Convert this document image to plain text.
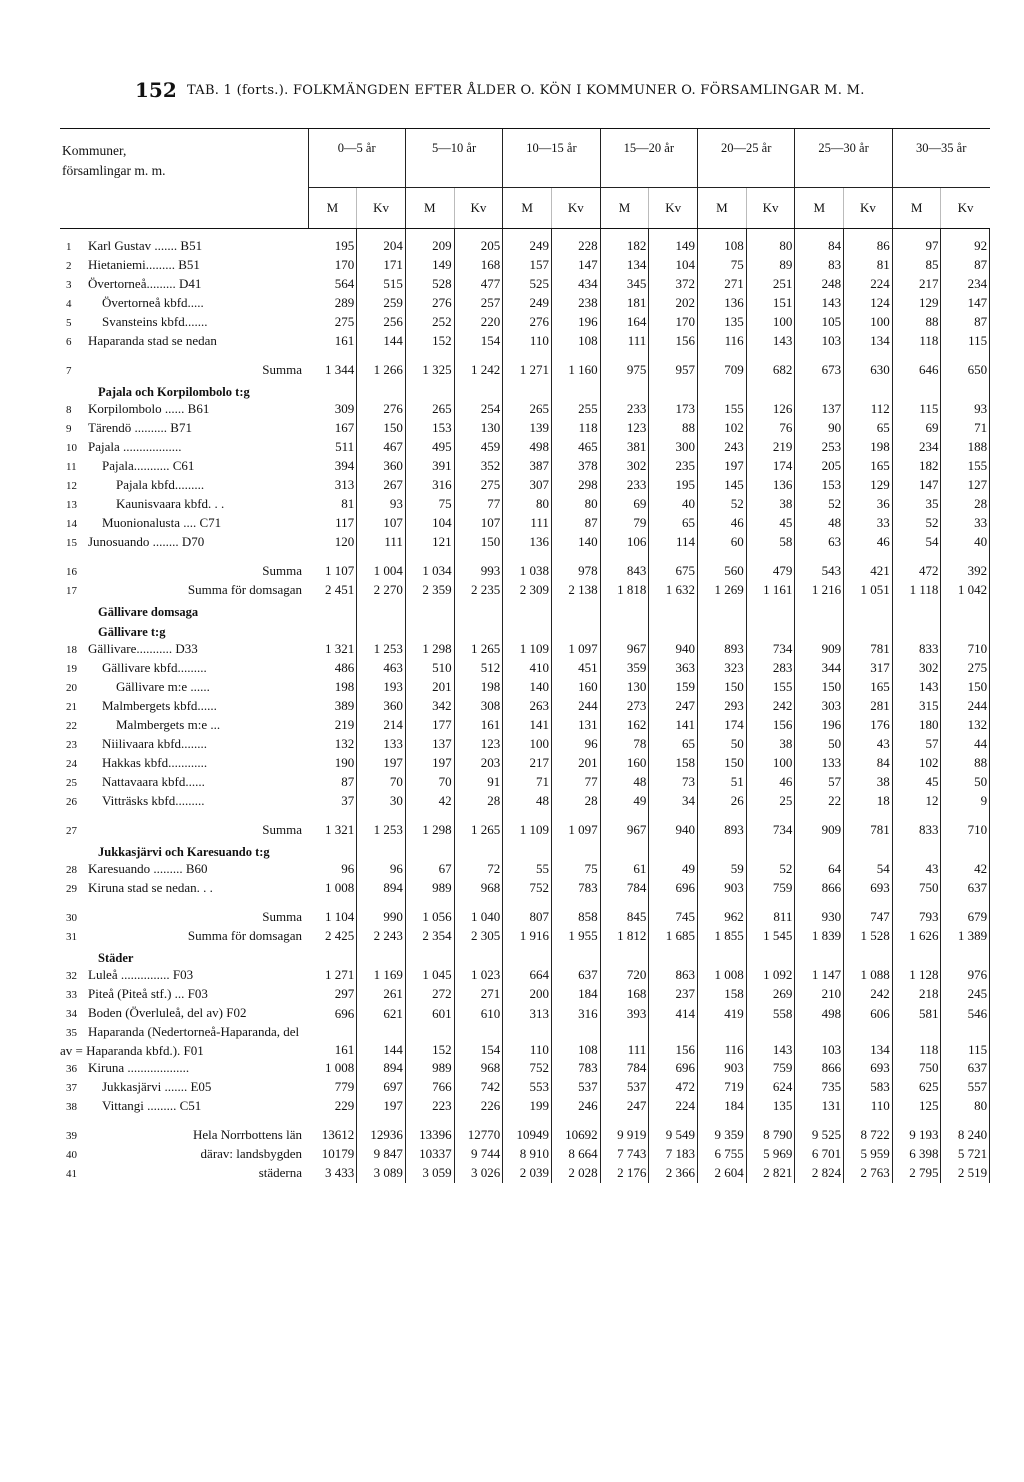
152 TAB. 1 (forts.). FOLKMÄNGDEN EFTER ÅLDER O. KÖN I KOMMUNER O. FÖRSAMLINGAR M. M.
Kommuner,
församlingar m. m.	0—5 år		5—10 år		10—15 år		15—20 år		20—25 år		25—30 år		30—35 år	
	M	Kv	M	Kv	M	Kv	M	Kv	M	Kv	M	Kv	M	Kv
1 Karl Gustav ....... B51	195	204	209	205	249	228	182	149	108	80	84	86	97	92
2 Hietaniemi......... B51	170	171	149	168	157	147	134	104	75	89	83	81	85	87
3 Övertorneå......... D41	564	515	528	477	525	434	345	372	271	251	248	224	217	234
4 Övertorneå kbfd.....	289	259	276	257	249	238	181	202	136	151	143	124	129	147
5 Svansteins kbfd.......	275	256	252	220	276	196	164	170	135	100	105	100	88	87
6 Haparanda stad se nedan	161	144	152	154	110	108	111	156	116	143	103	134	118	115

7 Summa	1 344	1 266	1 325	1 242	1 271	1 160	975	957	709	682	673	630	646	650
Pajala och Korpilombolo t:g														
8 Korpilombolo ...... B61	309	276	265	254	265	255	233	173	155	126	137	112	115	93
9 Tärendö .......... B71	167	150	153	130	139	118	123	88	102	76	90	65	69	71
10 Pajala ..................	511	467	495	459	498	465	381	300	243	219	253	198	234	188
11 Pajala........... C61	394	360	391	352	387	378	302	235	197	174	205	165	182	155
12 Pajala kbfd.........	313	267	316	275	307	298	233	195	145	136	153	129	147	127
13 Kaunisvaara kbfd. . .	81	93	75	77	80	80	69	40	52	38	52	36	35	28
14 Muonionalusta .... C71	117	107	104	107	111	87	79	65	46	45	48	33	52	33
15 Junosuando ........ D70	120	111	121	150	136	140	106	114	60	58	63	46	54	40

16 Summa	1 107	1 004	1 034	993	1 038	978	843	675	560	479	543	421	472	392
17 Summa för domsagan	2 451	2 270	2 359	2 235	2 309	2 138	1 818	1 632	1 269	1 161	1 216	1 051	1 118	1 042
Gällivare domsaga														
Gällivare t:g														
18 Gällivare........... D33	1 321	1 253	1 298	1 265	1 109	1 097	967	940	893	734	909	781	833	710
19 Gällivare kbfd.........	486	463	510	512	410	451	359	363	323	283	344	317	302	275
20 Gällivare m:e ......	198	193	201	198	140	160	130	159	150	155	150	165	143	150
21 Malmbergets kbfd......	389	360	342	308	263	244	273	247	293	242	303	281	315	244
22 Malmbergets m:e ...	219	214	177	161	141	131	162	141	174	156	196	176	180	132
23 Niilivaara kbfd........	132	133	137	123	100	96	78	65	50	38	50	43	57	44
24 Hakkas kbfd............	190	197	197	203	217	201	160	158	150	100	133	84	102	88
25 Nattavaara kbfd......	87	70	70	91	71	77	48	73	51	46	57	38	45	50
26 Vitträsks kbfd.........	37	30	42	28	48	28	49	34	26	25	22	18	12	9

27 Summa	1 321	1 253	1 298	1 265	1 109	1 097	967	940	893	734	909	781	833	710
Jukkasjärvi och Karesuando t:g														
28 Karesuando ......... B60	96	96	67	72	55	75	61	49	59	52	64	54	43	42
29 Kiruna stad se nedan. . .	1 008	894	989	968	752	783	784	696	903	759	866	693	750	637

30 Summa	1 104	990	1 056	1 040	807	858	845	745	962	811	930	747	793	679
31 Summa för domsagan	2 425	2 243	2 354	2 305	1 916	1 955	1 812	1 685	1 855	1 545	1 839	1 528	1 626	1 389
Städer														
32 Luleå ............... F03	1 271	1 169	1 045	1 023	664	637	720	863	1 008	1 092	1 147	1 088	1 128	976
33 Piteå (Piteå stf.) ... F03	297	261	272	271	200	184	168	237	158	269	210	242	218	245
34 Boden (Överluleå, del av) F02	696	621	601	610	313	316	393	414	419	558	498	606	581	546
35 Haparanda (Nedertorneå-Haparanda, del av = Haparanda kbfd.). F01	161	144	152	154	110	108	111	156	116	143	103	134	118	115
36 Kiruna ...................	1 008	894	989	968	752	783	784	696	903	759	866	693	750	637
37 Jukkasjärvi ....... E05	779	697	766	742	553	537	537	472	719	624	735	583	625	557
38 Vittangi ......... C51	229	197	223	226	199	246	247	224	184	135	131	110	125	80

39 Hela Norrbottens län	13612	12936	13396	12770	10949	10692	9 919	9 549	9 359	8 790	9 525	8 722	9 193	8 240
40 därav: landsbygden	10179	9 847	10337	9 744	8 910	8 664	7 743	7 183	6 755	5 969	6 701	5 959	6 398	5 721
41 städerna	3 433	3 089	3 059	3 026	2 039	2 028	2 176	2 366	2 604	2 821	2 824	2 763	2 795	2 519
